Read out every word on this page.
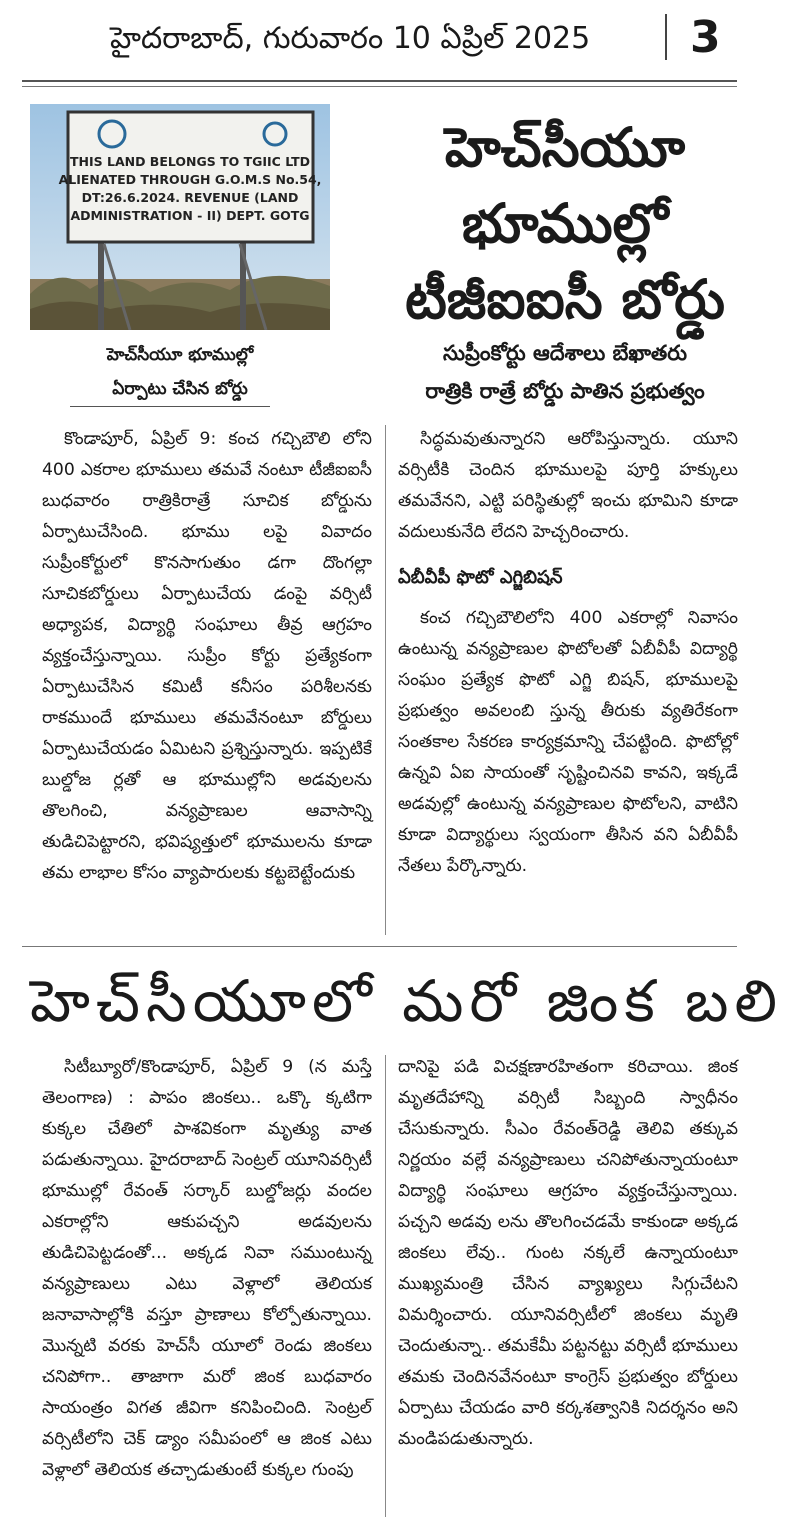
హైదరాబాద్, గురువారం 10 ఏప్రిల్ 2025 3
THIS LAND BELONGS TO TGIIC LTD
ALIENATED THROUGH G.O.M.S No.54,
DT:26.6.2024. REVENUE (LAND
ADMINISTRATION - II) DEPT. GOTG
హెచ్‌సీయూ భూముల్లో
ఏర్పాటు చేసిన బోర్డు
హెచ్‌సీయూ
భూముల్లో
టీజీఐఐసీ బోర్డు
సుప్రీంకోర్టు ఆదేశాలు బేఖాతరు
రాత్రికి రాత్రే బోర్డు పాతిన ప్రభుత్వం

కొండాపూర్, ఏప్రిల్ 9: కంచ గచ్చిబౌలి లోని 400 ఎకరాల భూములు తమవే నంటూ టీజీఐఐసీ బుధవారం రాత్రికిరాత్రే సూచిక బోర్డును ఏర్పాటుచేసింది. భూము లపై వివాదం సుప్రీంకోర్టులో కొనసాగుతుం డగా దొంగల్లా సూచికబోర్డులు ఏర్పాటుచేయ డంపై వర్సిటీ అధ్యాపక, విద్యార్థి సంఘాలు తీవ్ర ఆగ్రహం వ్యక్తంచేస్తున్నాయి. సుప్రీం కోర్టు ప్రత్యేకంగా ఏర్పాటుచేసిన కమిటీ కనీసం పరిశీలనకు రాకముందే భూములు తమవేనంటూ బోర్డులు ఏర్పాటుచేయడం ఏమిటని ప్రశ్నిస్తున్నారు. ఇప్పటికే బుల్డోజ ర్లతో ఆ భూముల్లోని అడవులను తొలగించి, వన్యప్రాణుల ఆవాసాన్ని తుడిచిపెట్టారని, భవిష్యత్తులో భూములను కూడా తమ లాభాల కోసం వ్యాపారులకు కట్టబెట్టేందుకు

సిద్ధమవుతున్నారని ఆరోపిస్తున్నారు. యూని వర్సిటీకి చెందిన భూములపై పూర్తి హక్కులు తమవేనని, ఎట్టి పరిస్థితుల్లో ఇంచు భూమిని కూడా వదులుకునేది లేదని హెచ్చరించారు.

ఏబీవీపీ ఫొటో ఎగ్జిబిషన్

కంచ గచ్చిబౌలిలోని 400 ఎకరాల్లో నివాసం ఉంటున్న వన్యప్రాణుల ఫొటోలతో ఏబీవీపీ విద్యార్థి సంఘం ప్రత్యేక ఫొటో ఎగ్జి బిషన్, భూములపై ప్రభుత్వం అవలంబి స్తున్న తీరుకు వ్యతిరేకంగా సంతకాల సేకరణ కార్యక్రమాన్ని చేపట్టింది. ఫొటోల్లో ఉన్నవి ఏఐ సాయంతో సృష్టించినవి కావని, ఇక్కడే అడవుల్లో ఉంటున్న వన్యప్రాణుల ఫొటోలని, వాటిని కూడా విద్యార్థులు స్వయంగా తీసిన వని ఏబీవీపీ నేతలు పేర్కొన్నారు.

హెచ్‌సీయూలో మరో జింక బలి

సిటీబ్యూరో/కొండాపూర్, ఏప్రిల్ 9 (న మస్తే తెలంగాణ) : పాపం జింకలు.. ఒక్కొ క్కటిగా కుక్కల చేతిలో పాశవికంగా మృత్యు వాత పడుతున్నాయి. హైదరాబాద్ సెంట్రల్ యూనివర్సిటీ భూముల్లో రేవంత్ సర్కార్ బుల్డోజర్లు వందల ఎకరాల్లోని ఆకుపచ్చని అడవులను తుడిచిపెట్టడంతో... అక్కడ నివా సముంటున్న వన్యప్రాణులు ఎటు వెళ్లాలో తెలియక జనావాసాల్లోకి వస్తూ ప్రాణాలు కోల్పోతున్నాయి. మొన్నటి వరకు హెచ్‌సీ యూలో రెండు జింకలు చనిపోగా.. తాజాగా మరో జింక బుధవారం సాయంత్రం విగత జీవిగా కనిపించింది. సెంట్రల్ వర్సిటీలోని చెక్ డ్యాం సమీపంలో ఆ జింక ఎటు వెళ్లాలో తెలియక తచ్చాడుతుంటే కుక్కల గుంపు

దానిపై పడి విచక్షణారహితంగా కరిచాయి. జింక మృతదేహాన్ని వర్సిటీ సిబ్బంది స్వాధీనం చేసుకున్నారు. సీఎం రేవంత్‌రెడ్డి తెలివి తక్కువ నిర్ణయం వల్లే వన్యప్రాణులు చనిపోతున్నాయంటూ విద్యార్థి సంఘాలు ఆగ్రహం వ్యక్తంచేస్తున్నాయి. పచ్చని అడవు లను తొలగించడమే కాకుండా అక్కడ జింకలు లేవు.. గుంట నక్కలే ఉన్నాయంటూ ముఖ్యమంత్రి చేసిన వ్యాఖ్యలు సిగ్గుచేటని విమర్శించారు. యూనివర్సిటీలో జింకలు మృతి చెందుతున్నా.. తమకేమీ పట్టనట్టు వర్సిటీ భూములు తమకు చెందినవేనంటూ కాంగ్రెస్ ప్రభుత్వం బోర్డులు ఏర్పాటు చేయడం వారి కర్కశత్వానికి నిదర్శనం అని మండిపడుతున్నారు.
